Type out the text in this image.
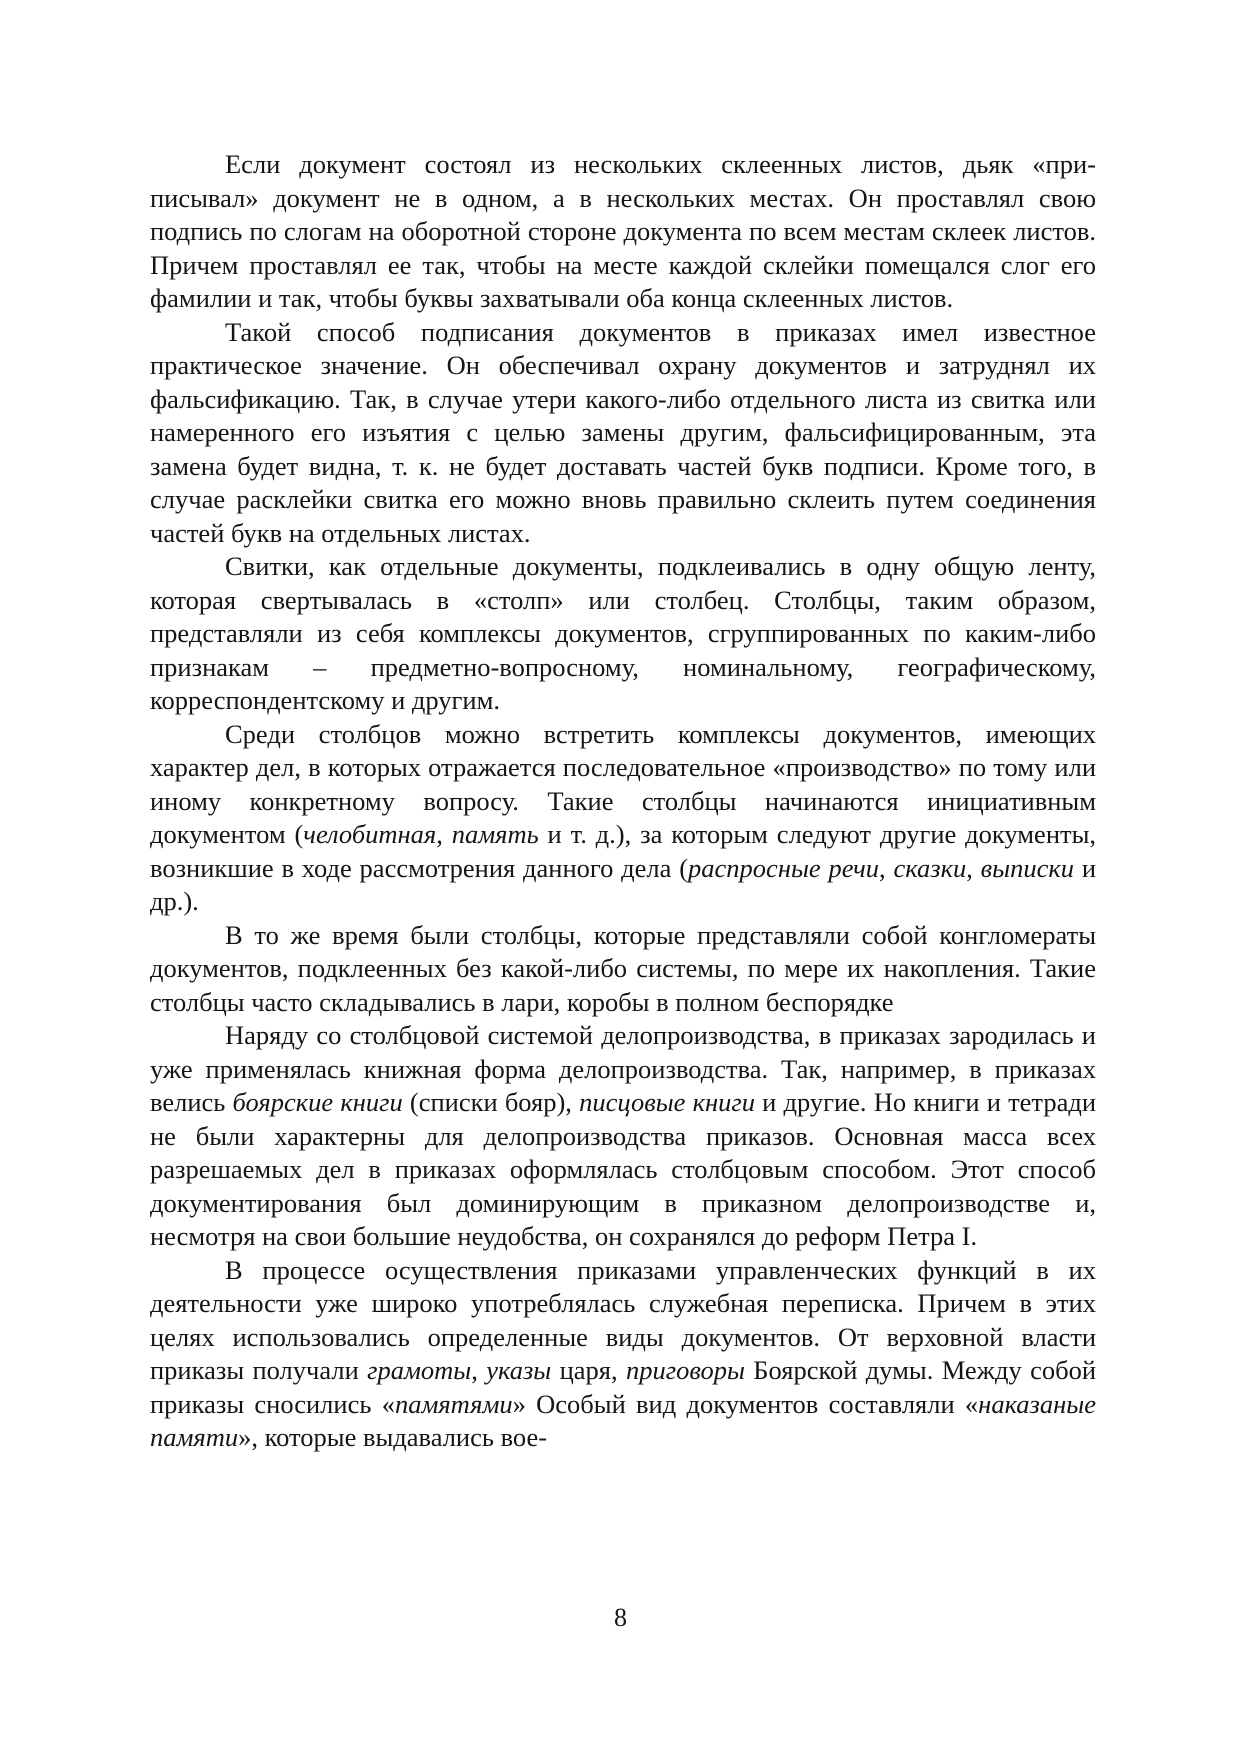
Если документ состоял из нескольких склеенных листов, дьяк «приписывал» документ не в одном, а в нескольких местах. Он проставлял свою подпись по слогам на оборотной стороне документа по всем местам склеек листов. Причем проставлял ее так, чтобы на месте каждой склейки помещался слог его фамилии и так, чтобы буквы захватывали оба конца склеенных листов.

Такой способ подписания документов в приказах имел известное практическое значение. Он обеспечивал охрану документов и затруднял их фальсификацию. Так, в случае утери какого-либо отдельного листа из свитка или намеренного его изъятия с целью замены другим, фальсифицированным, эта замена будет видна, т. к. не будет доставать частей букв подписи. Кроме того, в случае расклейки свитка его можно вновь правильно склеить путем соединения частей букв на отдельных листах.

Свитки, как отдельные документы, подклеивались в одну общую ленту, которая свертывалась в «столп» или столбец. Столбцы, таким образом, представляли из себя комплексы документов, сгруппированных по каким-либо признакам – предметно-вопросному, номинальному, географическому, корреспондентскому и другим.

Среди столбцов можно встретить комплексы документов, имеющих характер дел, в которых отражается последовательное «производство» по тому или иному конкретному вопросу. Такие столбцы начинаются инициативным документом (челобитная, память и т. д.), за которым следуют другие документы, возникшие в ходе рассмотрения данного дела (распросные речи, сказки, выписки и др.).

В то же время были столбцы, которые представляли собой конгломераты документов, подклеенных без какой-либо системы, по мере их накопления. Такие столбцы часто складывались в лари, коробы в полном беспорядке

Наряду со столбцовой системой делопроизводства, в приказах зародилась и уже применялась книжная форма делопроизводства. Так, например, в приказах велись боярские книги (списки бояр), писцовые книги и другие. Но книги и тетради не были характерны для делопроизводства приказов. Основная масса всех разрешаемых дел в приказах оформлялась столбцовым способом. Этот способ документирования был доминирующим в приказном делопроизводстве и, несмотря на свои большие неудобства, он сохранялся до реформ Петра I.

В процессе осуществления приказами управленческих функций в их деятельности уже широко употреблялась служебная переписка. Причем в этих целях использовались определенные виды документов. От верховной власти приказы получали грамоты, указы царя, приговоры Боярской думы. Между собой приказы сносились «памятями» Особый вид документов составляли «наказаные памяти», которые выдавались вое-

8
